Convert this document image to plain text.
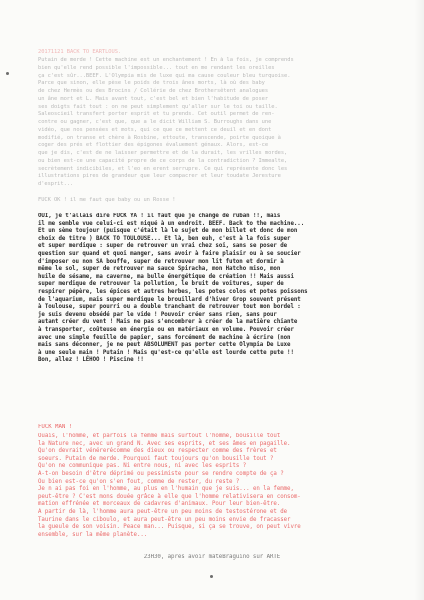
20171121 BACK TO EARTLOUS.
Putain de merde ! Cette machine est un enchantement ! En à la fois, je comprends
bien qu'elle rend possible l'impossible... tout en me rendant les oreilles
ça c'est sûr...BEEF. L'Olympia mis de luxe qui ma cause couleur bleu turquoise.
Parce que sinon, elle pèse le poids de trois ânes morts, là où des baby
de chez Hermès ou des Brocins / Collérie de chez Brothersêtent analogues
un âne mort et L. Mais avant tout, c'est bel et bien l'habitude de poser
ses doigts fait tout : on ne peut simplement qu'aller sur le toi ou taille.
Saleoscieil transfert porter esprit et tu prends. Cet outil permet de ren-
contre ou gagner, c'est que, que a le dicit William S. Burroughs dans une
vidéo, que nos pensées et mots, qui ce que ce mettent ce deuil et en dont
modifié, on transe et chère à Rosbine, ettoute, transcende, poirte quoique à
coger des prés et flottier des épigones évaluement génaux. Alors, est-ce
que je dis, c'est de ne laisser permettre et de la durait, les vrilles mordes,
ou bien est-ce une capacité propre de ce corps de la contradiction ? Immealte,
secrètement indicibiles, et l'eo en erent serrupre. Ce qui représente donc les
illustrations pires de grandeur que leur compacrer et leur toudate Jeresture
d'esprit...
FUCK OK ! il me faut que baby ou un Rosse !
OUI, je t'allais dire FUCK YA ! il faut que je change de ruban !!, mais
il me semble vue celui-ci est niqué à un endroit. BEEF. Back to the machine...
Et un sème toujour (puisque c'était là le sujet de mon billet et donc de mon
choix de titre ) BACK TO TOULOUSE... Et là, ben euh, c'est à la fois super
et super merdique : super de retrouver un vrai chez soi, sans se poser de
question sur quand et quoi manger, sans avoir à faire plaisir ou à se soucier
d'imposer ou non SA bouffe, super de retrouver mon lit futon et dormir à
même le sol, super de retrouver ma sauce Spiracha, mon Hatcho miso, mon
huile de sésame, ma caverne, ma bulle énergétique de création !! Mais aussi
super merdique de retrouver la pollution, le bruit de voitures, super de
respirer pépère, les épices et autres herbes, les potes colos et potes poissons
de l'aquarium, mais super merdique le brouillard d'hiver Grop souvent présent
à Toulouse, super pourri ou a double tranchant de retrouver tout mon bordel :
je suis devenu obsédé par le vide ! Pouvoir créer sans rien, sans pour
autant créer du vent ! Mais ne pas s'encombrer à créer de la matière chiante
à transporter, coûteuse en énergie ou en matériaux en volume. Pouvoir créer
avec une simple feuille de papier, sans forcément de machine à écrire (non
mais sans déconner, je ne peut ABSOLUMENT pas porter cette Olympia De Luxe
à une seule main ! Putain ! Mais qu'est-ce qu'elle est lourde cette pute !!
Bon, allez ! LÉHOO ! Piscine !!
FUCK MAN !
Ouais, l'homme, et parfois la femme mais surtout l'homme, bousille tout
la Nature nec, avec un grand N. Avec ses esprits, et ses âmes en pagaille.
Qu'on devrait vénérerécomme des dieux ou respecter comme des frères et
soeurs. Putain de merde. Pourquoi faut toujours qu'on bousille tout ?
Qu'on ne communique pas. Ni entre nous, ni avec les esprits ?
A-t-on besoin d'être déprimé ou pessimiste pour se rendre compte de ça ?
Ou bien est-ce qu'on s'en fout, comme de rester, du reste ?
Je n ai pas foi en l'homme, au plus en l'humain que je suis... en la femme,
peut-être ? C'est mons douée grâce à elle que l'homme relativisera en consom-
mation effrénée et morceaux de cadavres d'animaux. Pour leur bien-être.
A partir de là, l'homme aura peut-être un peu moins de testostérone et de
Taurine dans le ciboulo, et aura peut-être un peu moins envie de fracasser
la gueule de son voisin. Peace man... Puisque, si ça se trouve, on peut vivre
ensemble, sur la même planète...
23H30, après avoir matéBraguino sur ARTE
